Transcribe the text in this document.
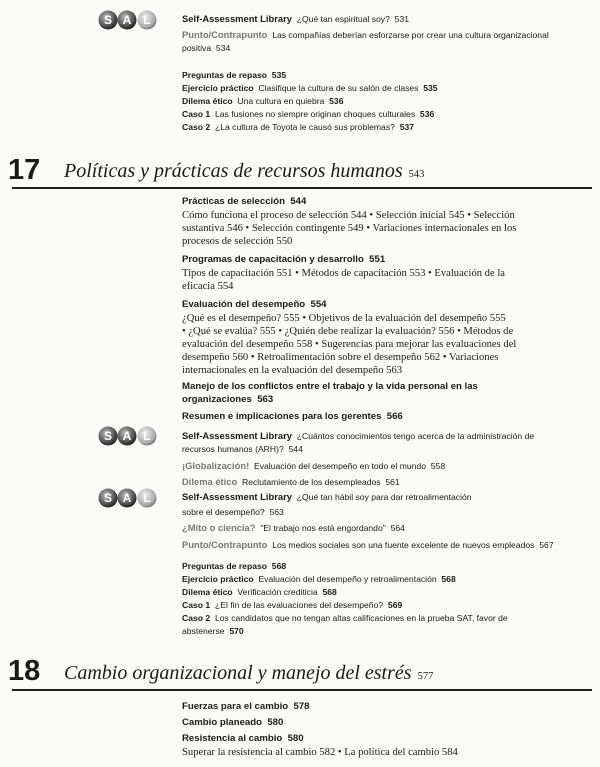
S A L	Self-Assessment Library ¿Qué tan espiritual soy? 531
Punto/Contrapunto Las compañías deberían esforzarse por crear una cultura organizacional
positiva 534
Preguntas de repaso 535
Ejercicio práctico Clasifique la cultura de su salón de clases 535
Dilema ético Una cultura en quiebra 536
Caso 1 Las fusiones no siempre originan choques culturales 536
Caso 2 ¿La cultura de Toyota le causó sus problemas? 537
17 Políticas y prácticas de recursos humanos 543
Prácticas de selección 544
Cómo funciona el proceso de selección 544 • Selección inicial 545 • Selección
sustantiva 546 • Selección contingente 549 • Variaciones internacionales en los
procesos de selección 550
Programas de capacitación y desarrollo 551
Tipos de capacitación 551 • Métodos de capacitación 553 • Evaluación de la
eficacia 554
Evaluación del desempeño 554
¿Qué es el desempeño? 555 • Objetivos de la evaluación del desempeño 555
• ¿Qué se evalúa? 555 • ¿Quién debe realizar la evaluación? 556 • Métodos de
evaluación del desempeño 558 • Sugerencias para mejorar las evaluaciones del
desempeño 560 • Retroalimentación sobre el desempeño 562 • Variaciones
internacionales en la evaluación del desempeño 563
Manejo de los conflictos entre el trabajo y la vida personal en las
organizaciones 563
Resumen e implicaciones para los gerentes 566
S A L	Self-Assessment Library ¿Cuántos conocimientos tengo acerca de la administración de
recursos humanos (ARH)? 544
¡Globalización! Evaluación del desempeño en todo el mundo 558
Dilema ético Reclutamiento de los desempleados 561
S A L	Self-Assessment Library ¿Qué tan hábil soy para dar retroalimentación
sobre el desempeño? 563
¿Mito o ciencia? "El trabajo nos está engordando" 564
Punto/Contrapunto Los medios sociales son una fuente excelente de nuevos empleados 567
Preguntas de repaso 568
Ejercicio práctico Evaluación del desempeño y retroalimentación 568
Dilema ético Verificación crediticia 568
Caso 1 ¿El fin de las evaluaciones del desempeño? 569
Caso 2 Los candidatos que no tengan altas calificaciones en la prueba SAT, favor de
abstenerse 570
18 Cambio organizacional y manejo del estrés 577
Fuerzas para el cambio 578
Cambio planeado 580
Resistencia al cambio 580
Superar la resistencia al cambio 582 • La política del cambio 584
